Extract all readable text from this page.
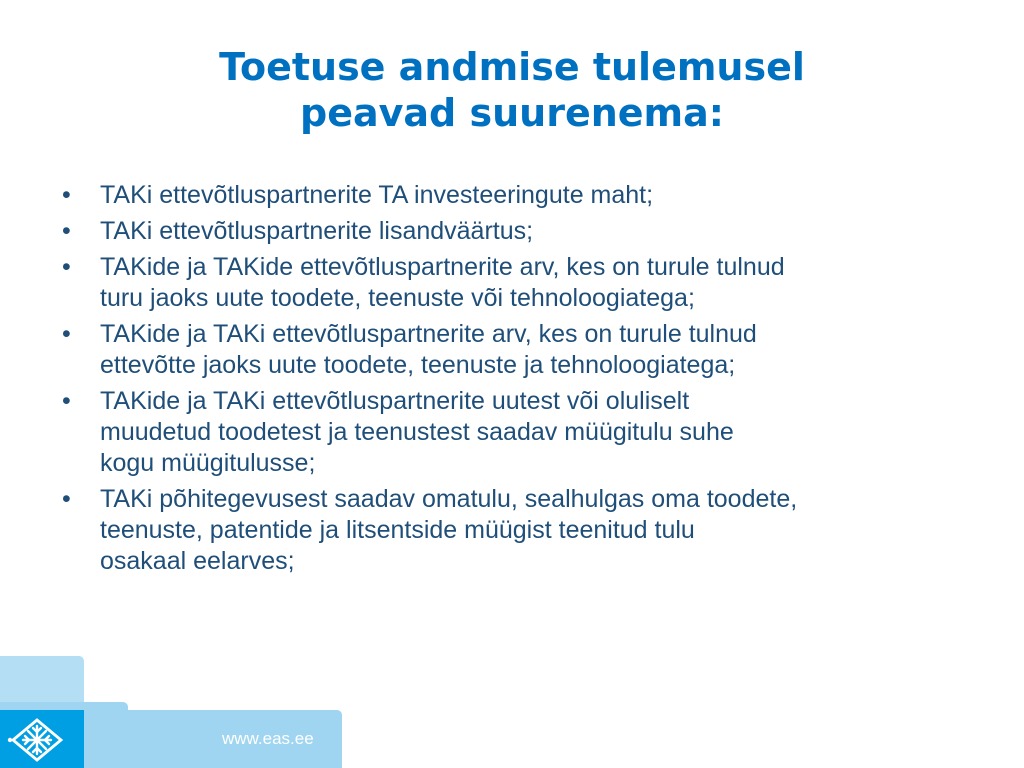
Toetuse andmise tulemusel
peavad suurenema:
• TAKi ettevõtluspartnerite TA investeeringute maht;
• TAKi ettevõtluspartnerite lisandväärtus;
• TAKide ja TAKide ettevõtluspartnerite arv, kes on turule tulnud
turu jaoks uute toodete, teenuste või tehnoloogiatega;
• TAKide ja TAKi ettevõtluspartnerite arv, kes on turule tulnud
ettevõtte jaoks uute toodete, teenuste ja tehnoloogiatega;
• TAKide ja TAKi ettevõtluspartnerite uutest või oluliselt
muudetud toodetest ja teenustest saadav müügitulu suhe
kogu müügitulusse;
• TAKi põhitegevusest saadav omatulu, sealhulgas oma toodete,
teenuste, patentide ja litsentside müügist teenitud tulu
osakaal eelarves;
www.eas.ee
